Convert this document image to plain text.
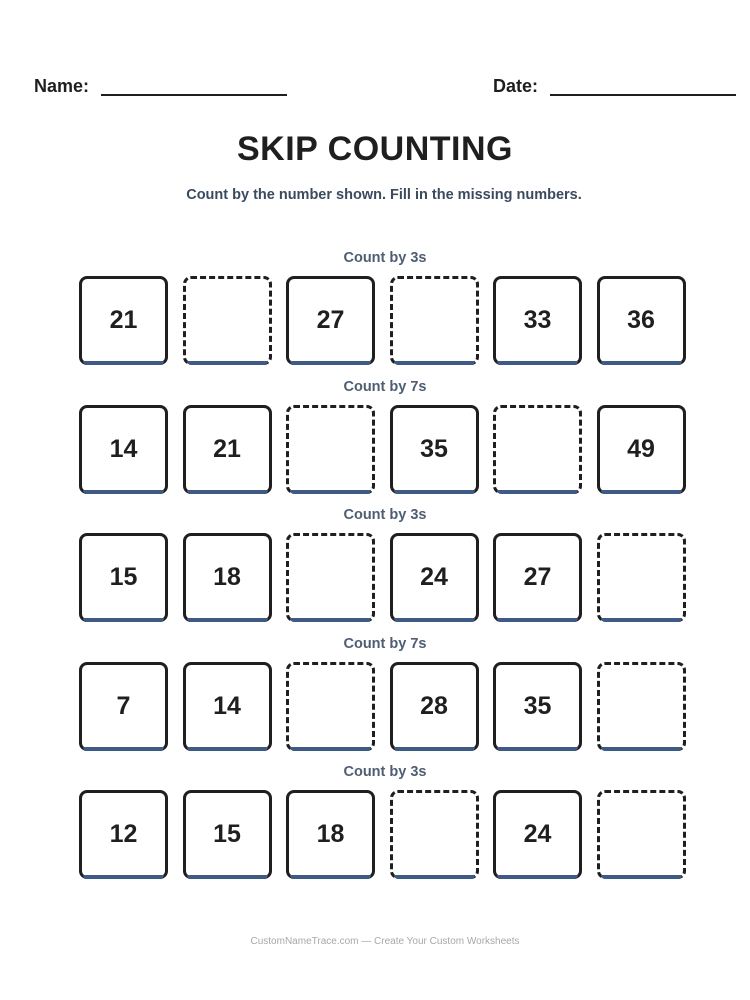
Name:	Date:
SKIP COUNTING
Count by the number shown. Fill in the missing numbers.
Count by 3s
21	27	33	36
Count by 7s
14	21	35	49
Count by 3s
15	18	24	27
Count by 7s
7	14	28	35
Count by 3s
12	15	18	24
CustomNameTrace.com — Create Your Custom Worksheets
